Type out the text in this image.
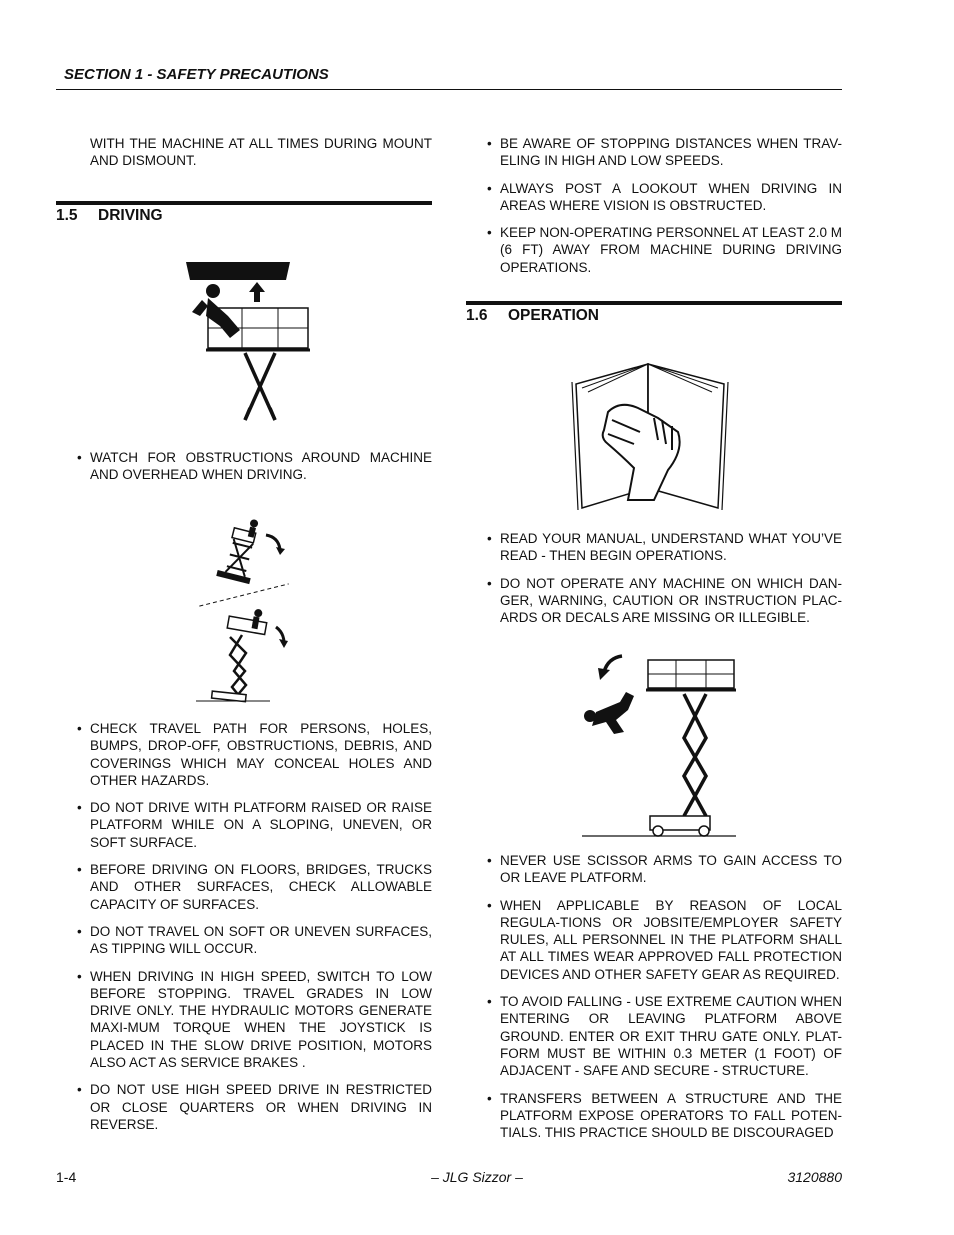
SECTION 1 - SAFETY PRECAUTIONS
WITH THE MACHINE AT ALL TIMES DURING MOUNT AND DISMOUNT.
1.5 DRIVING
• WATCH FOR OBSTRUCTIONS AROUND MACHINE AND OVERHEAD WHEN DRIVING.
• CHECK TRAVEL PATH FOR PERSONS, HOLES, BUMPS, DROP-OFF, OBSTRUCTIONS, DEBRIS, AND COVERINGS WHICH MAY CONCEAL HOLES AND OTHER HAZARDS.
• DO NOT DRIVE WITH PLATFORM RAISED OR RAISE PLATFORM WHILE ON A SLOPING, UNEVEN, OR SOFT SURFACE.
• BEFORE DRIVING ON FLOORS, BRIDGES, TRUCKS AND OTHER SURFACES, CHECK ALLOWABLE CAPACITY OF SURFACES.
• DO NOT TRAVEL ON SOFT OR UNEVEN SURFACES, AS TIPPING WILL OCCUR.
• WHEN DRIVING IN HIGH SPEED, SWITCH TO LOW BEFORE STOPPING. TRAVEL GRADES IN LOW DRIVE ONLY. THE HYDRAULIC MOTORS GENERATE MAXI-MUM TORQUE WHEN THE JOYSTICK IS PLACED IN THE SLOW DRIVE POSITION, MOTORS ALSO ACT AS SERVICE BRAKES .
• DO NOT USE HIGH SPEED DRIVE IN RESTRICTED OR CLOSE QUARTERS OR WHEN DRIVING IN REVERSE.
• BE AWARE OF STOPPING DISTANCES WHEN TRAV-ELING IN HIGH AND LOW SPEEDS.
• ALWAYS POST A LOOKOUT WHEN DRIVING IN AREAS WHERE VISION IS OBSTRUCTED.
• KEEP NON-OPERATING PERSONNEL AT LEAST 2.0 M (6 FT) AWAY FROM MACHINE DURING DRIVING OPERATIONS.
1.6 OPERATION
• READ YOUR MANUAL, UNDERSTAND WHAT YOU’VE READ - THEN BEGIN OPERATIONS.
• DO NOT OPERATE ANY MACHINE ON WHICH DAN-GER, WARNING, CAUTION OR INSTRUCTION PLAC-ARDS OR DECALS ARE MISSING OR ILLEGIBLE.
• NEVER USE SCISSOR ARMS TO GAIN ACCESS TO OR LEAVE PLATFORM.
• WHEN APPLICABLE BY REASON OF LOCAL REGULA-TIONS OR JOBSITE/EMPLOYER SAFETY RULES, ALL PERSONNEL IN THE PLATFORM SHALL AT ALL TIMES WEAR APPROVED FALL PROTECTION DEVICES AND OTHER SAFETY GEAR AS REQUIRED.
• TO AVOID FALLING - USE EXTREME CAUTION WHEN ENTERING OR LEAVING PLATFORM ABOVE GROUND. ENTER OR EXIT THRU GATE ONLY. PLAT-FORM MUST BE WITHIN 0.3 METER (1 FOOT) OF ADJACENT - SAFE AND SECURE - STRUCTURE.
• TRANSFERS BETWEEN A STRUCTURE AND THE PLATFORM EXPOSE OPERATORS TO FALL POTEN-TIALS. THIS PRACTICE SHOULD BE DISCOURAGED
1-4	– JLG Sizzor –	3120880
